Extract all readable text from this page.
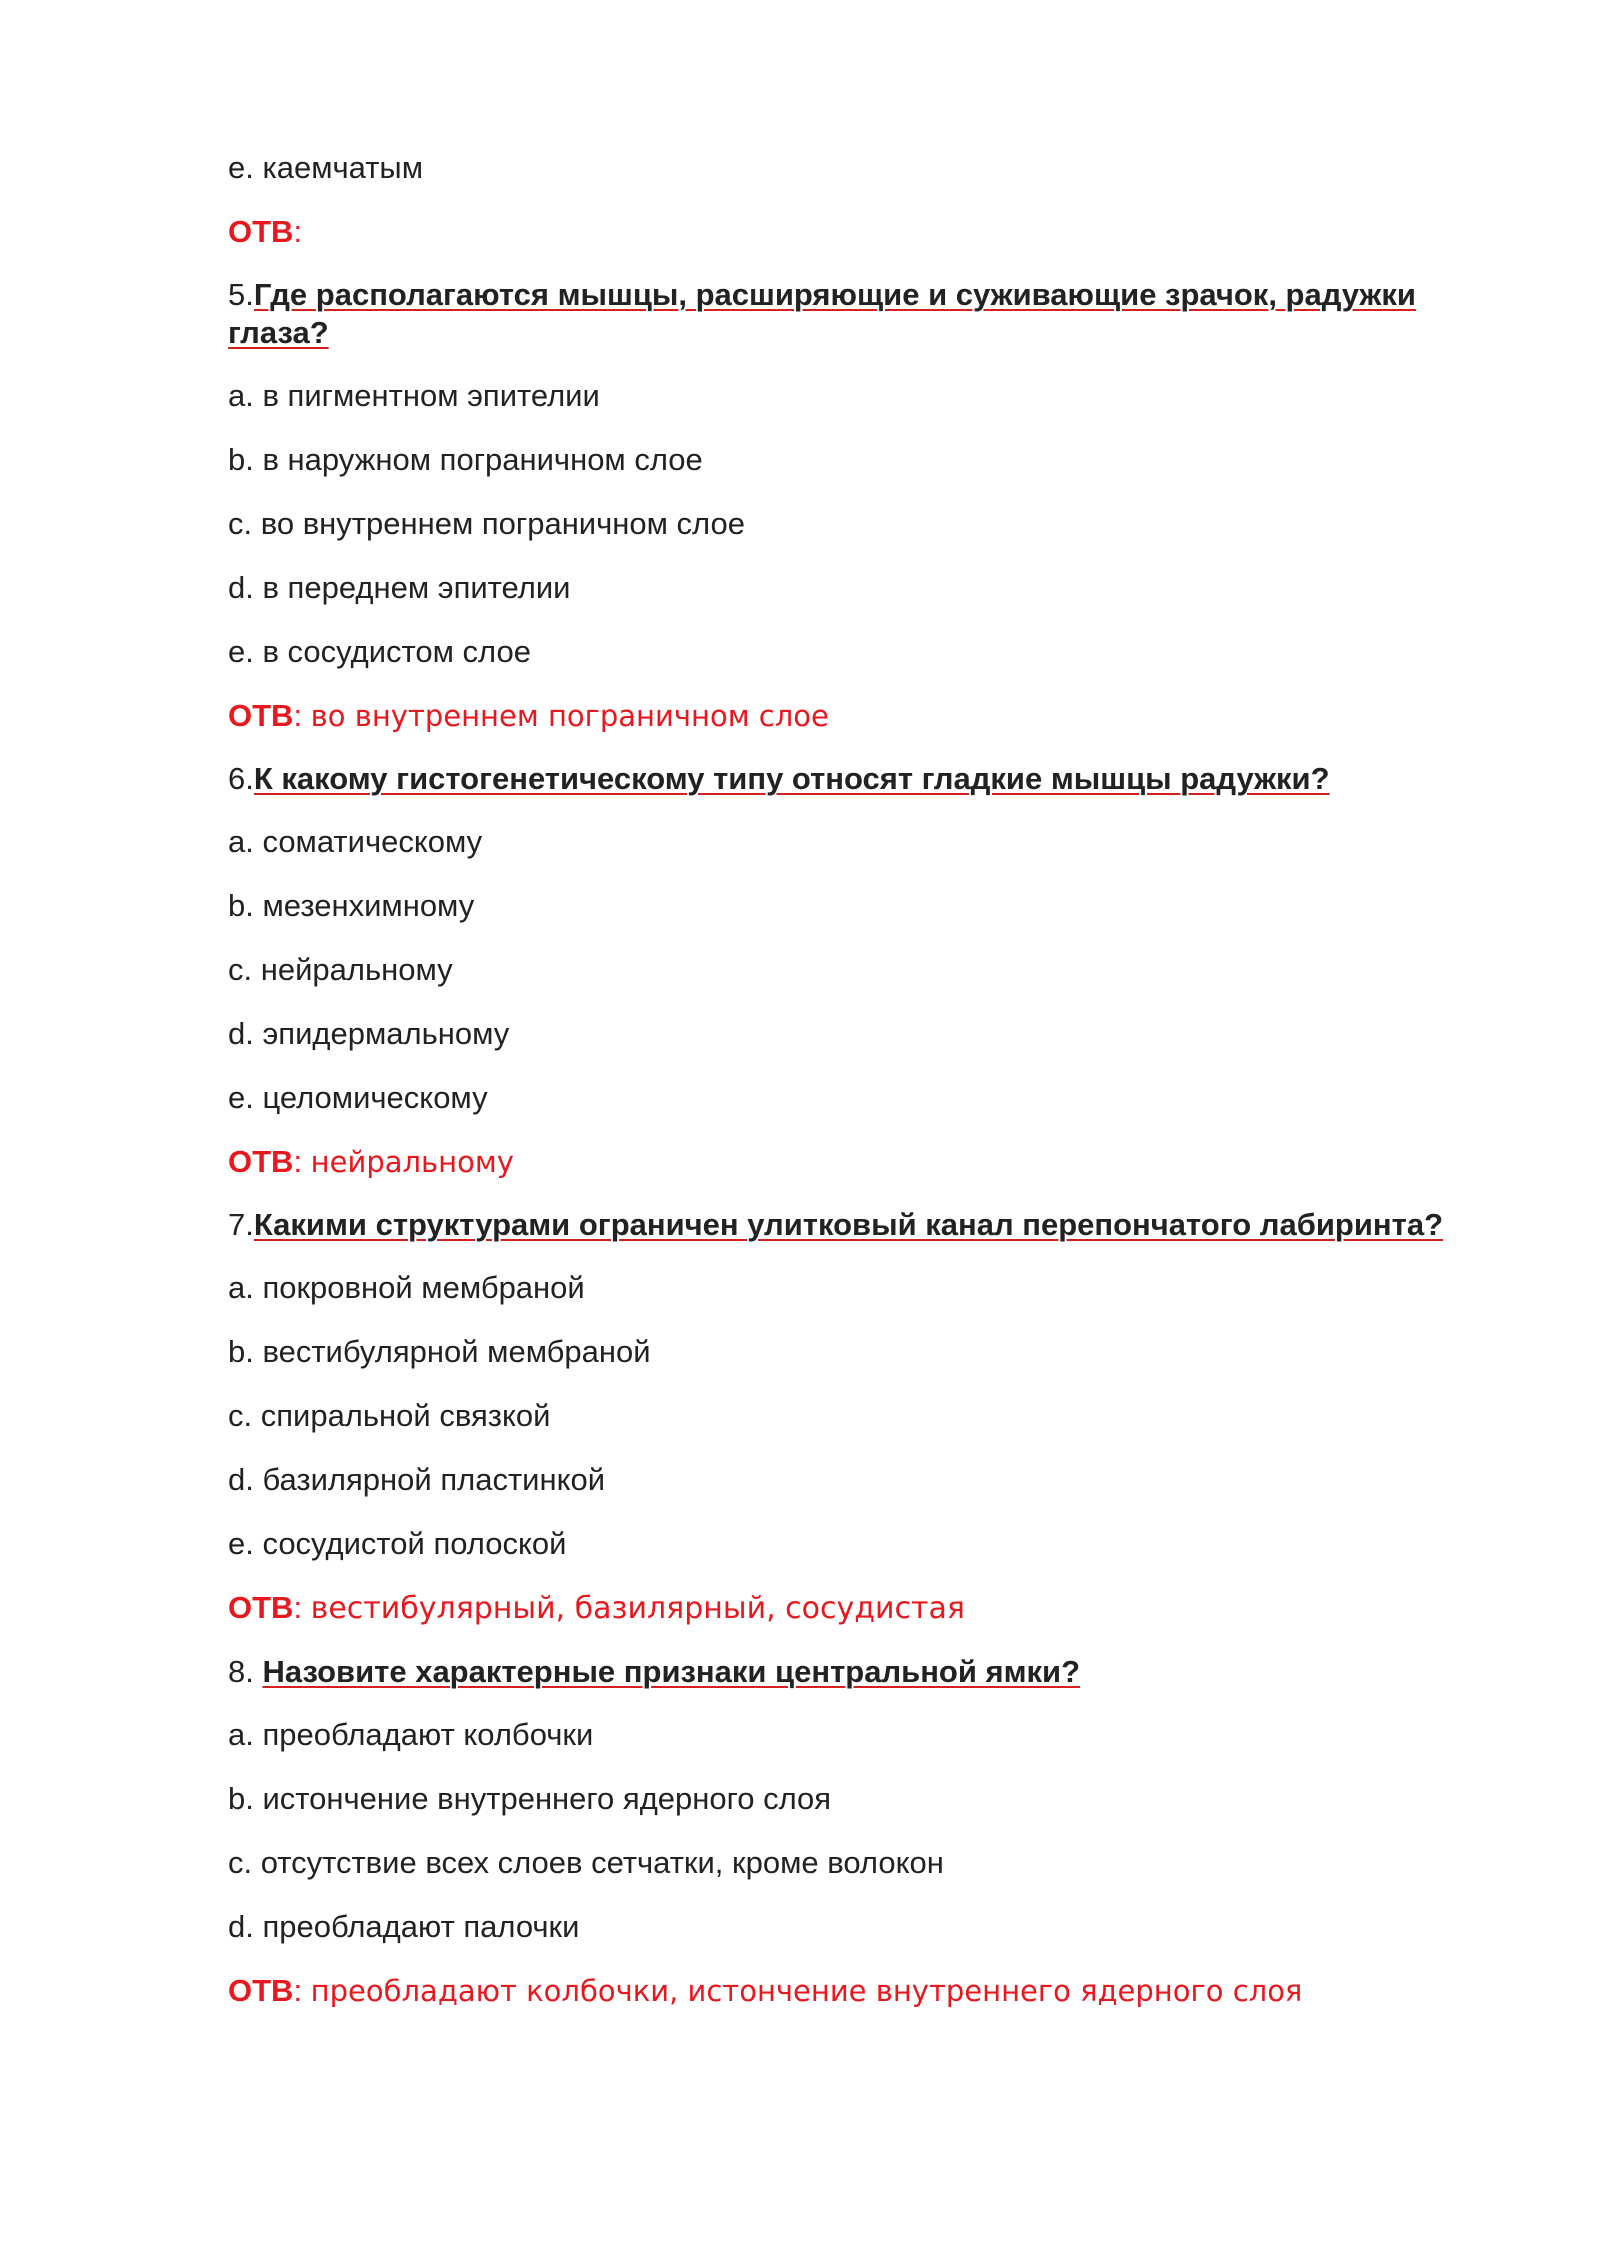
e. каемчатым
ОТВ:
5.Где располагаются мышцы, расширяющие и суживающие зрачок, радужки глаза?
a. в пигментном эпителии
b. в наружном пограничном слое
c. во внутреннем пограничном слое
d. в переднем эпителии
e. в сосудистом слое
ОТВ: во внутреннем пограничном слое
6.К какому гистогенетическому типу относят гладкие мышцы радужки?
a. соматическому
b. мезенхимному
c. нейральному
d. эпидермальному
e. целомическому
ОТВ: нейральному
7.Какими структурами ограничен улитковый канал перепончатого лабиринта?
a. покровной мембраной
b. вестибулярной мембраной
c. спиральной связкой
d. базилярной пластинкой
e. сосудистой полоской
ОТВ: вестибулярный, базилярный, сосудистая
8. Назовите характерные признаки центральной ямки?
a. преобладают колбочки
b. истончение внутреннего ядерного слоя
c. отсутствие всех слоев сетчатки, кроме волокон
d. преобладают палочки
ОТВ: преобладают колбочки, истончение внутреннего ядерного слоя
